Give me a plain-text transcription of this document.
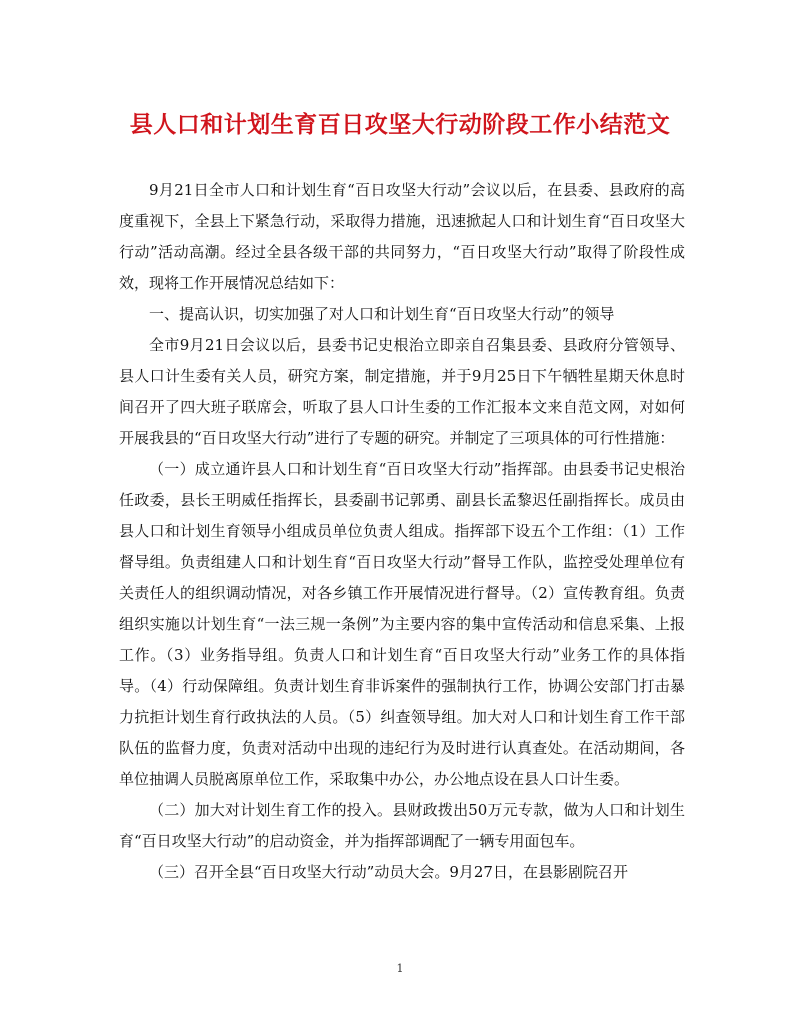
县人口和计划生育百日攻坚大行动阶段工作小结范文

9月21日全市人口和计划生育“百日攻坚大行动”会议以后，在县委、县政府的高度重视下，全县上下紧急行动，采取得力措施，迅速掀起人口和计划生育“百日攻坚大行动”活动高潮。经过全县各级干部的共同努力，“百日攻坚大行动”取得了阶段性成效，现将工作开展情况总结如下：

一、提高认识，切实加强了对人口和计划生育“百日攻坚大行动”的领导

全市9月21日会议以后，县委书记史根治立即亲自召集县委、县政府分管领导、县人口计生委有关人员，研究方案，制定措施，并于9月25日下午牺牲星期天休息时间召开了四大班子联席会，听取了县人口计生委的工作汇报本文来自范文网，对如何开展我县的“百日攻坚大行动”进行了专题的研究。并制定了三项具体的可行性措施：

（一）成立通许县人口和计划生育“百日攻坚大行动”指挥部。由县委书记史根治任政委，县长王明威任指挥长，县委副书记郭勇、副县长孟黎迟任副指挥长。成员由县人口和计划生育领导小组成员单位负责人组成。指挥部下设五个工作组：（1）工作督导组。负责组建人口和计划生育“百日攻坚大行动”督导工作队，监控受处理单位有关责任人的组织调动情况，对各乡镇工作开展情况进行督导。（2）宣传教育组。负责组织实施以计划生育“一法三规一条例”为主要内容的集中宣传活动和信息采集、上报工作。（3）业务指导组。负责人口和计划生育“百日攻坚大行动”业务工作的具体指导。（4）行动保障组。负责计划生育非诉案件的强制执行工作，协调公安部门打击暴力抗拒计划生育行政执法的人员。（5）纠查领导组。加大对人口和计划生育工作干部队伍的监督力度，负责对活动中出现的违纪行为及时进行认真查处。在活动期间，各单位抽调人员脱离原单位工作，采取集中办公，办公地点设在县人口计生委。

（二）加大对计划生育工作的投入。县财政拨出50万元专款，做为人口和计划生育“百日攻坚大行动”的启动资金，并为指挥部调配了一辆专用面包车。

（三）召开全县“百日攻坚大行动”动员大会。9月27日，在县影剧院召开

1
